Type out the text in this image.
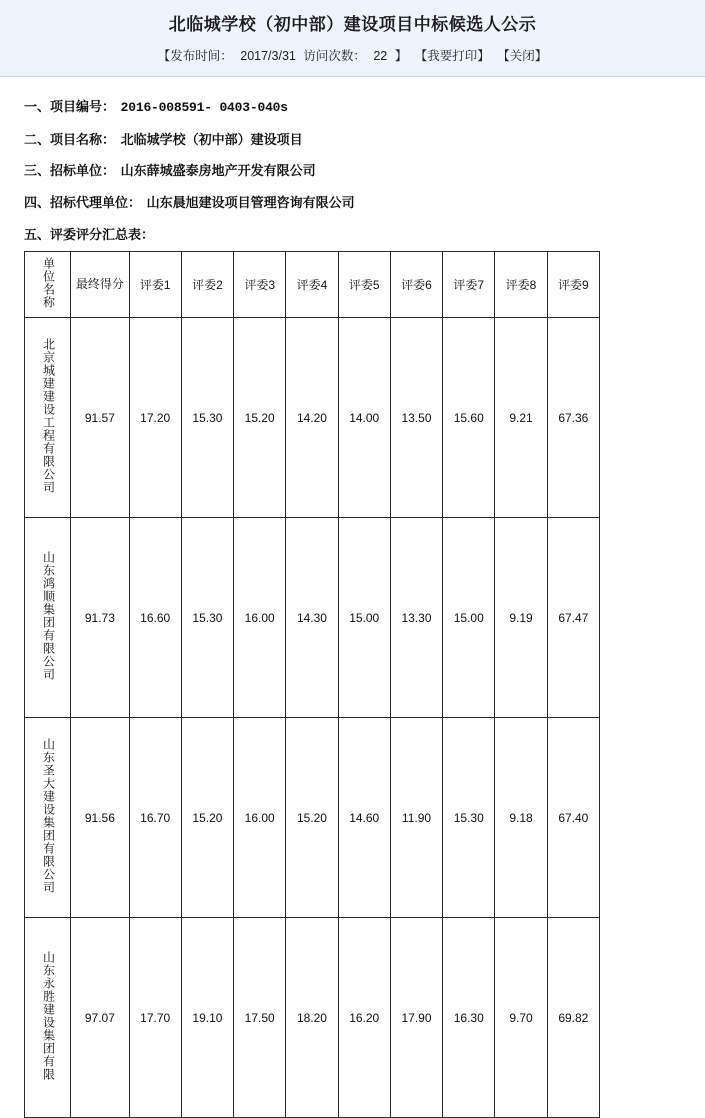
北临城学校（初中部）建设项目中标候选人公示
【发布时间： 2017/3/31 访问次数： 22 】 【我要打印】 【关闭】
一、项目编号： 2016-008591- 0403-040s
二、项目名称： 北临城学校（初中部）建设项目
三、招标单位： 山东薛城盛泰房地产开发有限公司
四、招标代理单位： 山东晨旭建设项目管理咨询有限公司
五、评委评分汇总表：
单位名称	最终得分	评委1	评委2	评委3	评委4	评委5	评委6	评委7	评委8	评委9
北京城建建设工程有限公司	91.57	17.20	15.30	15.20	14.20	14.00	13.50	15.60	9.21	67.36
山东鸿顺集团有限公司	91.73	16.60	15.30	16.00	14.30	15.00	13.30	15.00	9.19	67.47
山东圣大建设集团有限公司	91.56	16.70	15.20	16.00	15.20	14.60	11.90	15.30	9.18	67.40
山东永胜建设集团有限	97.07	17.70	19.10	17.50	18.20	16.20	17.90	16.30	9.70	69.82
